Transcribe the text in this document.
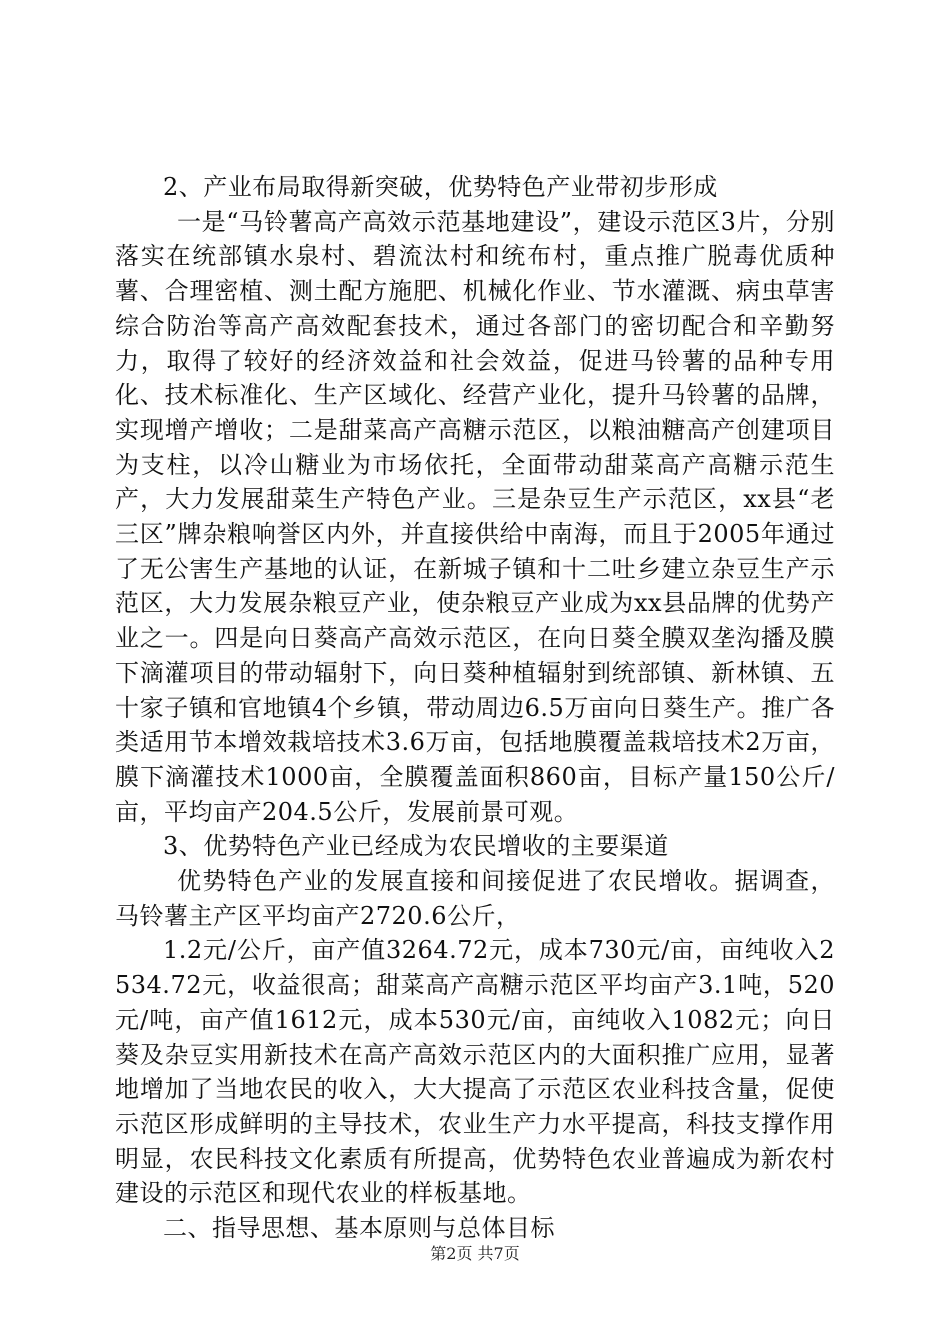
2、产业布局取得新突破，优势特色产业带初步形成

一是“马铃薯高产高效示范基地建设”，建设示范区3片，分别落实在统部镇水泉村、碧流汰村和统布村，重点推广脱毒优质种薯、合理密植、测土配方施肥、机械化作业、节水灌溉、病虫草害综合防治等高产高效配套技术，通过各部门的密切配合和辛勤努力，取得了较好的经济效益和社会效益，促进马铃薯的品种专用化、技术标准化、生产区域化、经营产业化，提升马铃薯的品牌，实现增产增收；二是甜菜高产高糖示范区，以粮油糖高产创建项目为支柱，以冷山糖业为市场依托，全面带动甜菜高产高糖示范生产，大力发展甜菜生产特色产业。三是杂豆生产示范区，xx县“老三区”牌杂粮响誉区内外，并直接供给中南海，而且于2005年通过了无公害生产基地的认证，在新城子镇和十二吐乡建立杂豆生产示范区，大力发展杂粮豆产业，使杂粮豆产业成为xx县品牌的优势产业之一。四是向日葵高产高效示范区，在向日葵全膜双垄沟播及膜下滴灌项目的带动辐射下，向日葵种植辐射到统部镇、新林镇、五十家子镇和官地镇4个乡镇，带动周边6.5万亩向日葵生产。推广各类适用节本增效栽培技术3.6万亩，包括地膜覆盖栽培技术2万亩，膜下滴灌技术1000亩，全膜覆盖面积860亩，目标产量150公斤/亩，平均亩产204.5公斤，发展前景可观。

3、优势特色产业已经成为农民增收的主要渠道

优势特色产业的发展直接和间接促进了农民增收。据调查，马铃薯主产区平均亩产2720.6公斤，

1.2元/公斤，亩产值3264.72元，成本730元/亩，亩纯收入2534.72元，收益很高；甜菜高产高糖示范区平均亩产3.1吨，520元/吨，亩产值1612元，成本530元/亩，亩纯收入1082元；向日葵及杂豆实用新技术在高产高效示范区内的大面积推广应用，显著地增加了当地农民的收入，大大提高了示范区农业科技含量，促使示范区形成鲜明的主导技术，农业生产力水平提高，科技支撑作用明显，农民科技文化素质有所提高，优势特色农业普遍成为新农村建设的示范区和现代农业的样板基地。

二、指导思想、基本原则与总体目标

第2页 共7页
